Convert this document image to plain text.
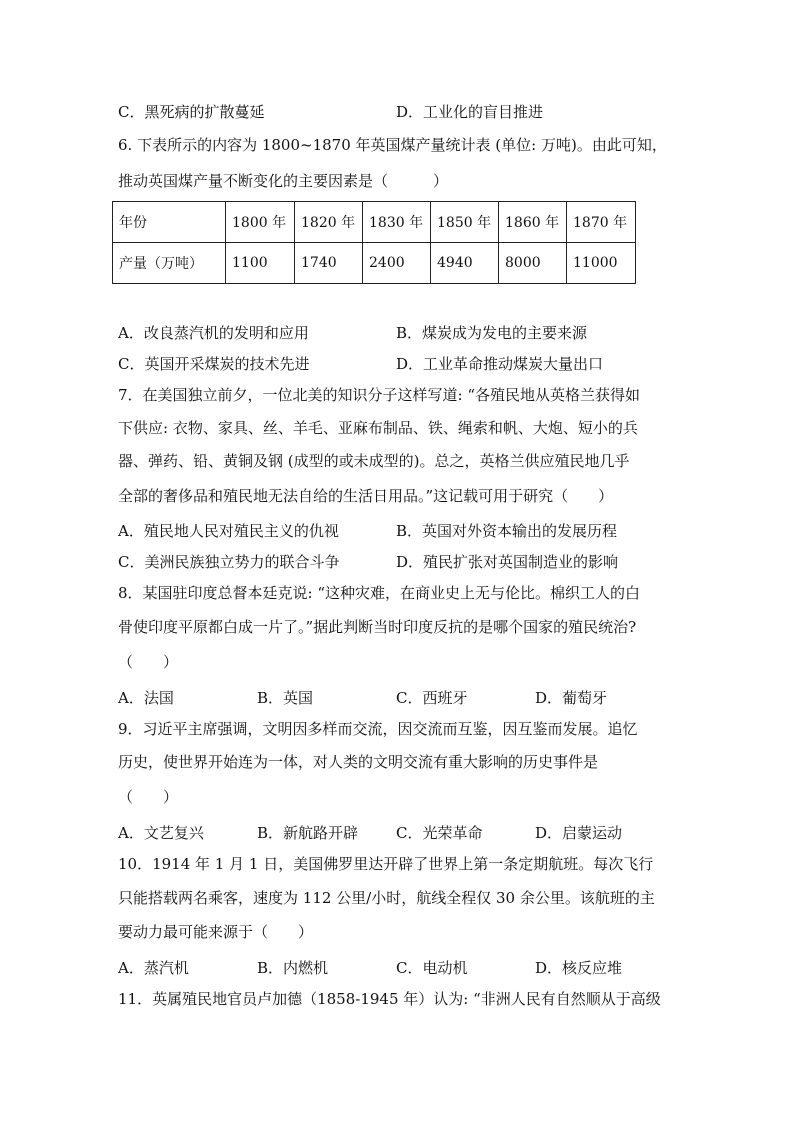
C．黑死病的扩散蔓延	D．工业化的盲目推进
6. 下表所示的内容为 1800~1870 年英国煤产量统计表 (单位: 万吨)。由此可知，
推动英国煤产量不断变化的主要因素是（　　　）
年份	1800 年	1820 年	1830 年	1850 年	1860 年	1870 年
产量（万吨）	1100	1740	2400	4940	8000	11000
A．改良蒸汽机的发明和应用	B．煤炭成为发电的主要来源
C．英国开采煤炭的技术先进	D．工业革命推动煤炭大量出口
7．在美国独立前夕，一位北美的知识分子这样写道: “各殖民地从英格兰获得如
下供应: 衣物、家具、丝、羊毛、亚麻布制品、铁、绳索和帆、大炮、短小的兵
器、弹药、铅、黄铜及钢 (成型的或未成型的)。总之，英格兰供应殖民地几乎
全部的奢侈品和殖民地无法自给的生活日用品。”这记载可用于研究（　　）
A．殖民地人民对殖民主义的仇视	B．英国对外资本输出的发展历程
C．美洲民族独立势力的联合斗争	D．殖民扩张对英国制造业的影响
8．某国驻印度总督本廷克说: “这种灾难，在商业史上无与伦比。棉织工人的白
骨使印度平原都白成一片了。”据此判断当时印度反抗的是哪个国家的殖民统治?
（　　）
A．法国	B．英国	C．西班牙	D．葡萄牙
9．习近平主席强调，文明因多样而交流，因交流而互鉴，因互鉴而发展。追忆
历史，使世界开始连为一体，对人类的文明交流有重大影响的历史事件是
（　　）
A．文艺复兴	B．新航路开辟	C．光荣革命	D．启蒙运动
10．1914 年 1 月 1 日，美国佛罗里达开辟了世界上第一条定期航班。每次飞行
只能搭载两名乘客，速度为 112 公里/小时，航线全程仅 30 余公里。该航班的主
要动力最可能来源于（　　）
A．蒸汽机	B．内燃机	C．电动机	D．核反应堆
11．英属殖民地官员卢加德（1858-1945 年）认为: “非洲人民有自然顺从于高级
